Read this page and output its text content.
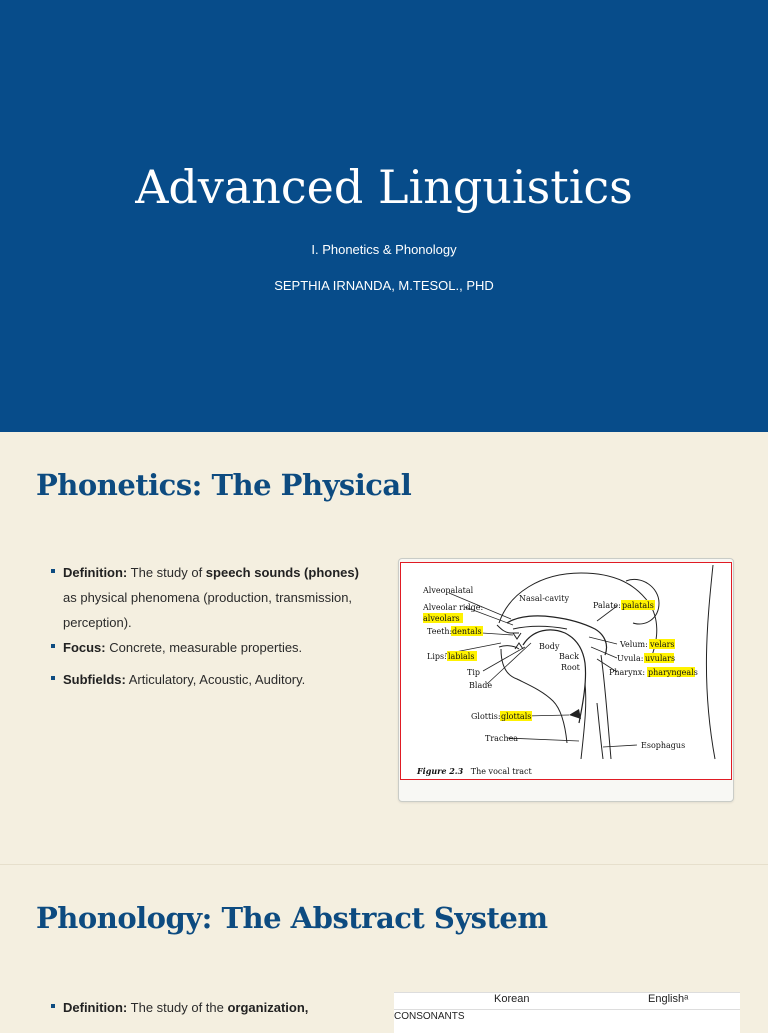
Advanced Linguistics
I. Phonetics & Phonology
SEPTHIA IRNANDA, M.TESOL., PHD
Phonetics: The Physical
Definition: The study of speech sounds (phones) as physical phenomena (production, transmission, perception).
Focus: Concrete, measurable properties.
Subfields: Articulatory, Acoustic, Auditory.
Alveopalatal
Nasal-cavity
Alveolar ridge:
alveolars
Palate: palatals
Teeth: dentals
Velum: velars
Body
Back	Uvula: uvulars
Lips: labials
Root
Pharynx: pharyngeals
Tip
Blade
Glottis: glottals
Trachea
Esophagus
Figure 2.3 The vocal tract
Phonology: The Abstract System
Definition: The study of the organization,
Korean	Englishᵃ
CONSONANTS
